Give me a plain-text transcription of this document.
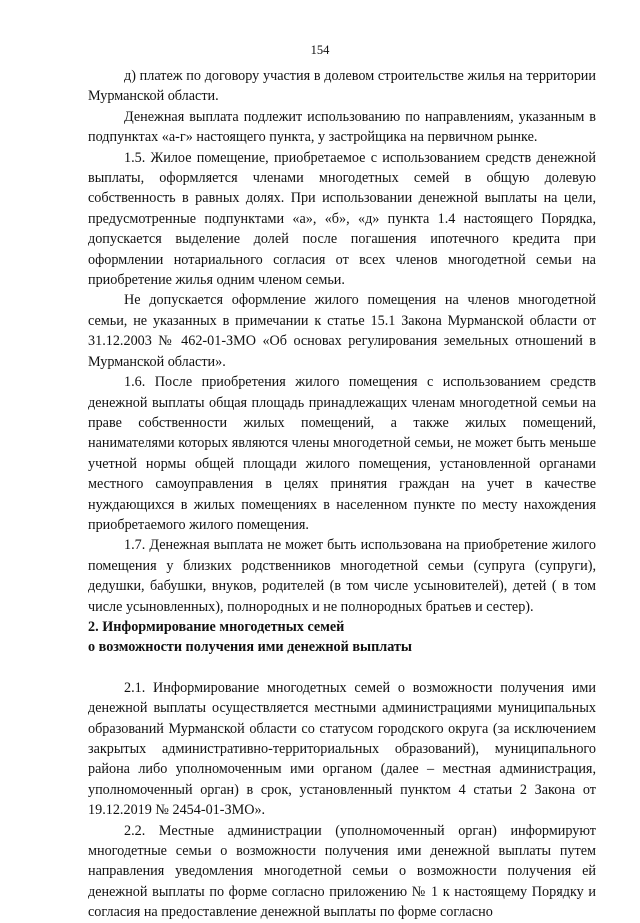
154

д) платеж по договору участия в долевом строительстве жилья на территории Мурманской области.

Денежная выплата подлежит использованию по направлениям, указанным в подпунктах «а-г» настоящего пункта, у застройщика на первичном рынке.

1.5. Жилое помещение, приобретаемое с использованием средств денежной выплаты, оформляется членами многодетных семей в общую долевую собственность в равных долях. При использовании денежной выплаты на цели, предусмотренные подпунктами «а», «б», «д» пункта 1.4 настоящего Порядка, допускается выделение долей после погашения ипотечного кредита при оформлении нотариального согласия от всех членов многодетной семьи на приобретение жилья одним членом семьи.

Не допускается оформление жилого помещения на членов многодетной семьи, не указанных в примечании к статье 15.1 Закона Мурманской области от 31.12.2003 № 462-01-ЗМО «Об основах регулирования земельных отношений в Мурманской области».

1.6. После приобретения жилого помещения с использованием средств денежной выплаты общая площадь принадлежащих членам многодетной семьи на праве собственности жилых помещений, а также жилых помещений, нанимателями которых являются члены многодетной семьи, не может быть меньше учетной нормы общей площади жилого помещения, установленной органами местного самоуправления в целях принятия граждан на учет в качестве нуждающихся в жилых помещениях в населенном пункте по месту нахождения приобретаемого жилого помещения.

1.7. Денежная выплата не может быть использована на приобретение жилого помещения у близких родственников многодетной семьи (супруга (супруги), дедушки, бабушки, внуков, родителей (в том числе усыновителей), детей ( в том числе усыновленных), полнородных и не полнородных братьев и сестер).

2. Информирование многодетных семей

о возможности получения ими денежной выплаты

2.1. Информирование многодетных семей о возможности получения ими денежной выплаты осуществляется местными администрациями муниципальных образований Мурманской области со статусом городского округа (за исключением закрытых административно-территориальных образований), муниципального района либо уполномоченным ими органом (далее – местная администрация, уполномоченный орган) в срок, установленный пунктом 4 статьи 2 Закона от 19.12.2019 № 2454-01-ЗМО».

2.2. Местные администрации (уполномоченный орган) информируют многодетные семьи о возможности получения ими денежной выплаты путем направления уведомления многодетной семьи о возможности получения ей денежной выплаты по форме согласно приложению № 1 к настоящему Порядку и согласия на предоставление денежной выплаты по форме согласно
